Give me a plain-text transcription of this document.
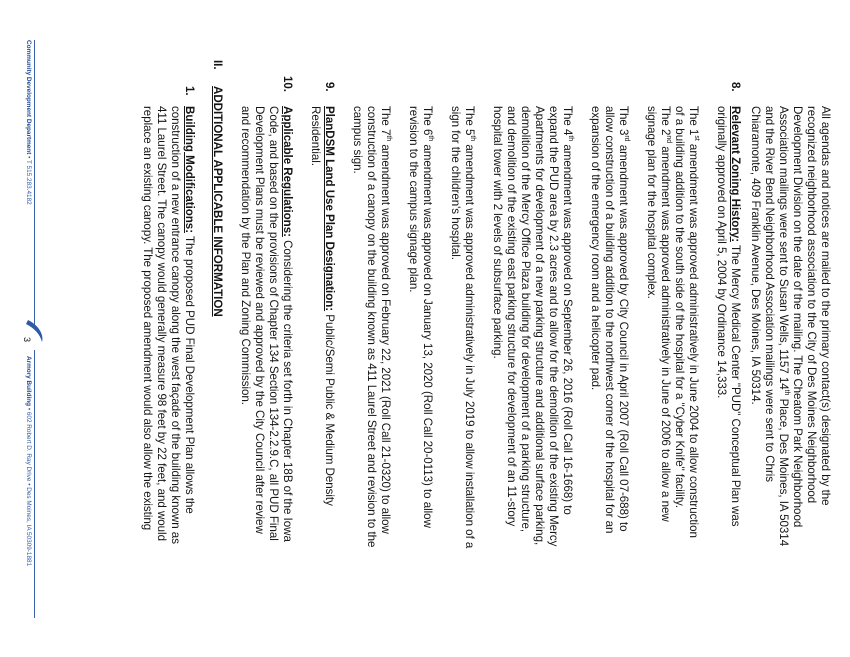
All agendas and notices are mailed to the primary contact(s) designated by the
recognized neighborhood association to the City of Des Moines Neighborhood
Development Division on the date of the mailing. The Cheatom Park Neighborhood
Association mailings were sent to Susan Wells, 1157 14th Place, Des Moines, IA 50314
and the River Bend Neighborhood Association mailings were sent to Chris
Chiaramonte, 409 Franklin Avenue, Des Moines, IA 50314.
8.
Relevant Zoning History: The Mercy Medical Center "PUD" Conceptual Plan was
originally approved on April 5, 2004 by Ordinance 14,333.
The 1st amendment was approved administratively in June 2004 to allow construction
of a building addition to the south side of the hospital for a "Cyber Knife" facility.
The 2nd amendment was approved administratively in June of 2006 to allow a new
signage plan for the hospital complex.
The 3rd amendment was approved by City Council in April 2007 (Roll Call 07-688) to
allow construction of a building addition to the northwest corner of the hospital for an
expansion of the emergency room and a helicopter pad.
The 4th amendment was approved on September 26, 2016 (Roll Call 16-1668) to
expand the PUD area by 2.3 acres and to allow for the demolition of the existing Mercy
Apartments for development of a new parking structure and additional surface parking,
demolition of the Mercy Office Plaza building for development of a parking structure,
and demolition of the existing east parking structure for development of an 11-story
hospital tower with 2 levels of subsurface parking.
The 5th amendment was approved administratively in July 2019 to allow installation of a
sign for the children's hospital.
The 6th amendment was approved on January 13, 2020 (Roll Call 20-0113) to allow
revision to the campus signage plan.
The 7th amendment was approved on February 22, 2021 (Roll Call 21-0320) to allow
construction of a canopy on the building known as 411 Laurel Street and revision to the
campus sign.
9.
PlanDSM Land Use Plan Designation: Public/Semi Public & Medium Density
Residential.
10.
Applicable Regulations: Considering the criteria set forth in Chapter 18B of the Iowa
Code, and based on the provisions of Chapter 134 Section 134-2.2.9.C, all PUD Final
Development Plans must be reviewed and approved by the City Council after review
and recommendation by the Plan and Zoning Commission.
II.
ADDITIONAL APPLICABLE INFORMATION
1.
Building Modifications: The proposed PUD Final Development Plan allows the
construction of a new entrance canopy along the west façade of the building known as
411 Laurel Street. The canopy would generally measure 98 feet by 22 feet, and would
replace an existing canopy. The proposed amendment would also allow the existing
Community Development Department • T 515.283.4182
3
Armory Building • 602 Robert D. Ray Drive • Des Moines, IA 50309-1881
